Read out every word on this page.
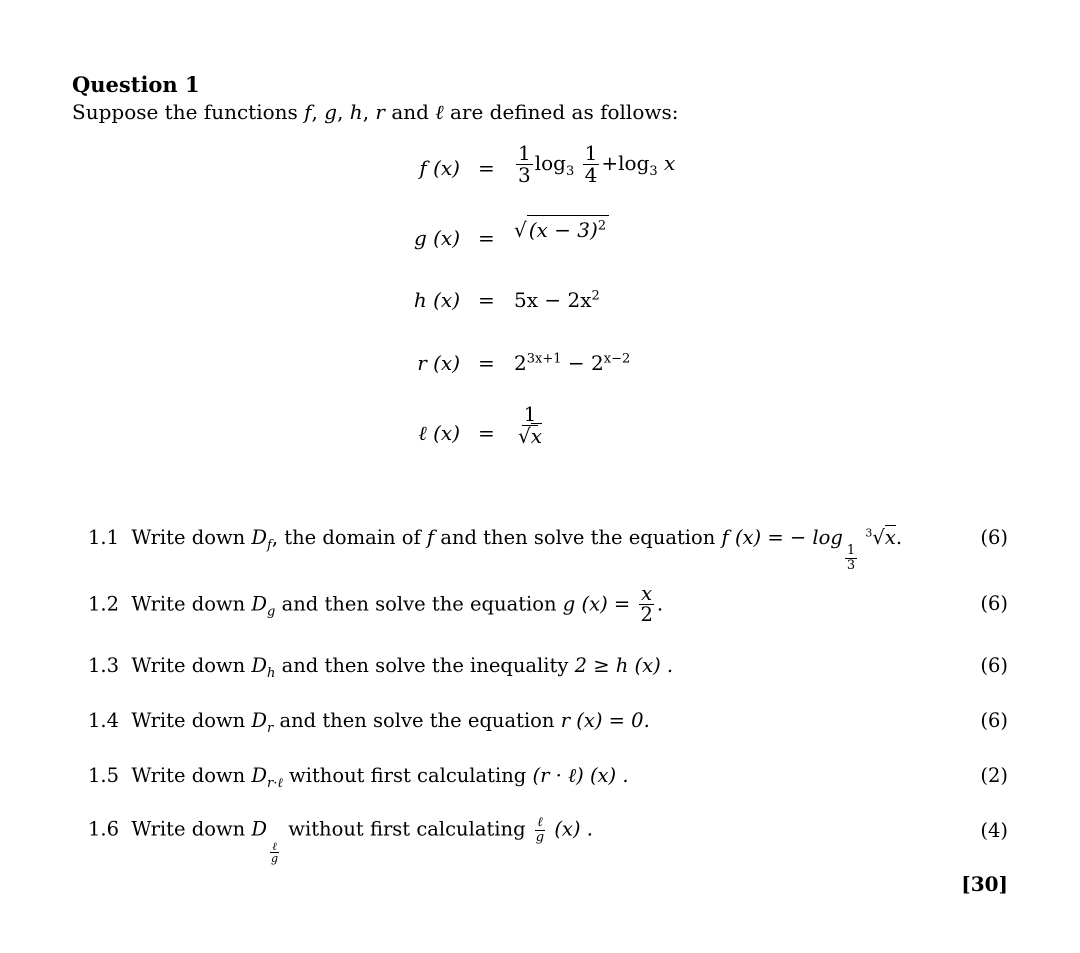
Question 1
Suppose the functions f, g, h, r and ℓ are defined as follows:
f $(x) = \frac{1}{3} \log_3 \frac{1}{4} +\log_3$ x
g (x) = √ $(x - 3)^2$
h $(x) = 5x - 2x^2$
r $(x) = 2^{3x+1} - 2^{x-2}$
ℓ $(x) = \frac{1}{√x}$
1.1 Write down $D_f$, the domain of f and then solve the equation f (x) = − log
$\frac{1}{3}$
$^3$√x.	(6)
1.2 Write down $D_g$ and then solve the equation g $(x) = \frac{x}{2}$ .	(6)
1.3 Write down $D_h$ and then solve the inequality 2 ≥ h (x) .	(6)
1.4 Write down $D_r$ and then solve the equation r (x) = 0.	(6)
1.5 Write down $D_{r\cdot\ell}$ without first calculating (r · ℓ) (x) .	(2)
1.6 Write down D
$\frac{\text{ℓ}}{g}$
without first calculating $\frac{\text{ℓ}}{g} (x)$ .	(4)
[30]
